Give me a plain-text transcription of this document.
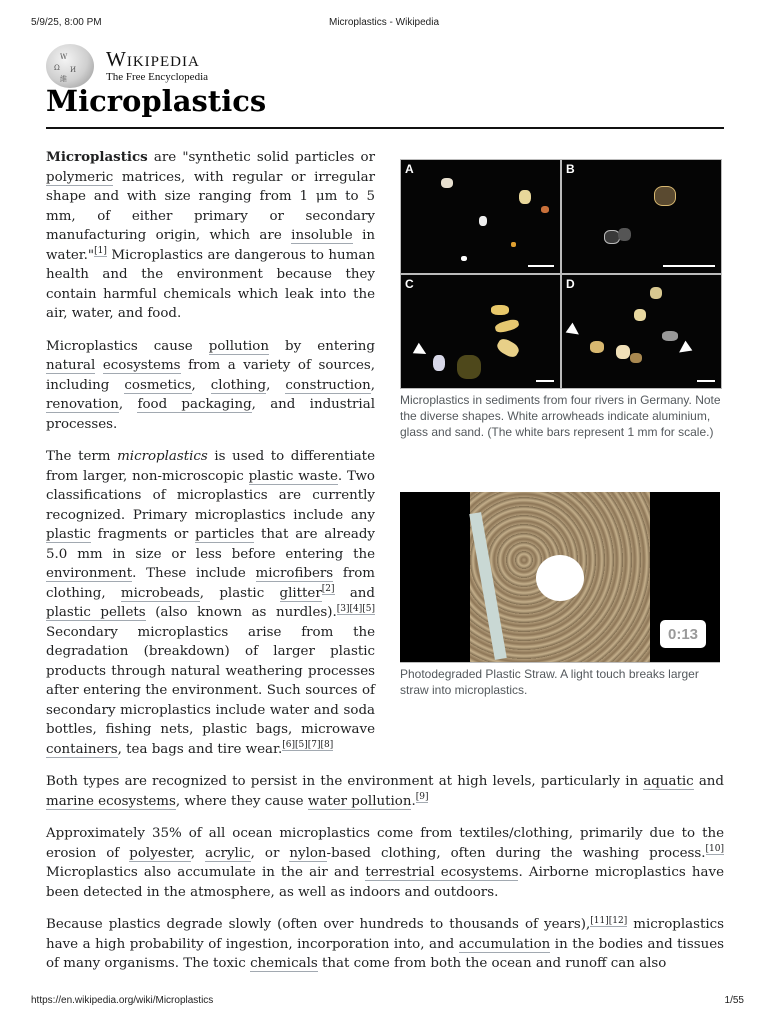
5/9/25, 8:00 PM	Microplastics - Wikipedia
W
Ω И
維
Wikipedia
The Free Encyclopedia
Microplastics

Microplastics are "synthetic solid particles or polymeric matrices, with regular or irregular shape and with size ranging from 1 μm to 5 mm, of either primary or secondary manufacturing origin, which are insoluble in water."[1] Microplastics are dangerous to human health and the environment because they contain harmful chemicals which leak into the air, water, and food.

Microplastics cause pollution by entering natural ecosystems from a variety of sources, including cosmetics, clothing, construction, renovation, food packaging, and industrial processes.

The term microplastics is used to differentiate from larger, non-microscopic plastic waste. Two classifications of microplastics are currently recognized. Primary microplastics include any plastic fragments or particles that are already 5.0 mm in size or less before entering the environment. These include microfibers from clothing, microbeads, plastic glitter[2] and plastic pellets (also known as nurdles).[3][4][5] Secondary microplastics arise from the degradation (breakdown) of larger plastic products through natural weathering processes after entering the environment. Such sources of secondary microplastics include water and soda bottles, fishing nets, plastic bags, microwave containers, tea bags and tire wear.[6][5][7][8]

Both types are recognized to persist in the environment at high levels, particularly in aquatic and marine ecosystems, where they cause water pollution.[9]

Approximately 35% of all ocean microplastics come from textiles/clothing, primarily due to the erosion of polyester, acrylic, or nylon-based clothing, often during the washing process.[10] Microplastics also accumulate in the air and terrestrial ecosystems. Airborne microplastics have been detected in the atmosphere, as well as indoors and outdoors.

Because plastics degrade slowly (often over hundreds to thousands of years),[11][12] microplastics have a high probability of ingestion, incorporation into, and accumulation in the bodies and tissues of many organisms. The toxic chemicals that come from both the ocean and runoff can also

A	B
C	D
Microplastics in sediments from four rivers in Germany. Note the diverse shapes. White arrowheads indicate aluminium, glass and sand. (The white bars represent 1 mm for scale.)
0:13
Photodegraded Plastic Straw. A light touch breaks larger straw into microplastics.
https://en.wikipedia.org/wiki/Microplastics	1/55
